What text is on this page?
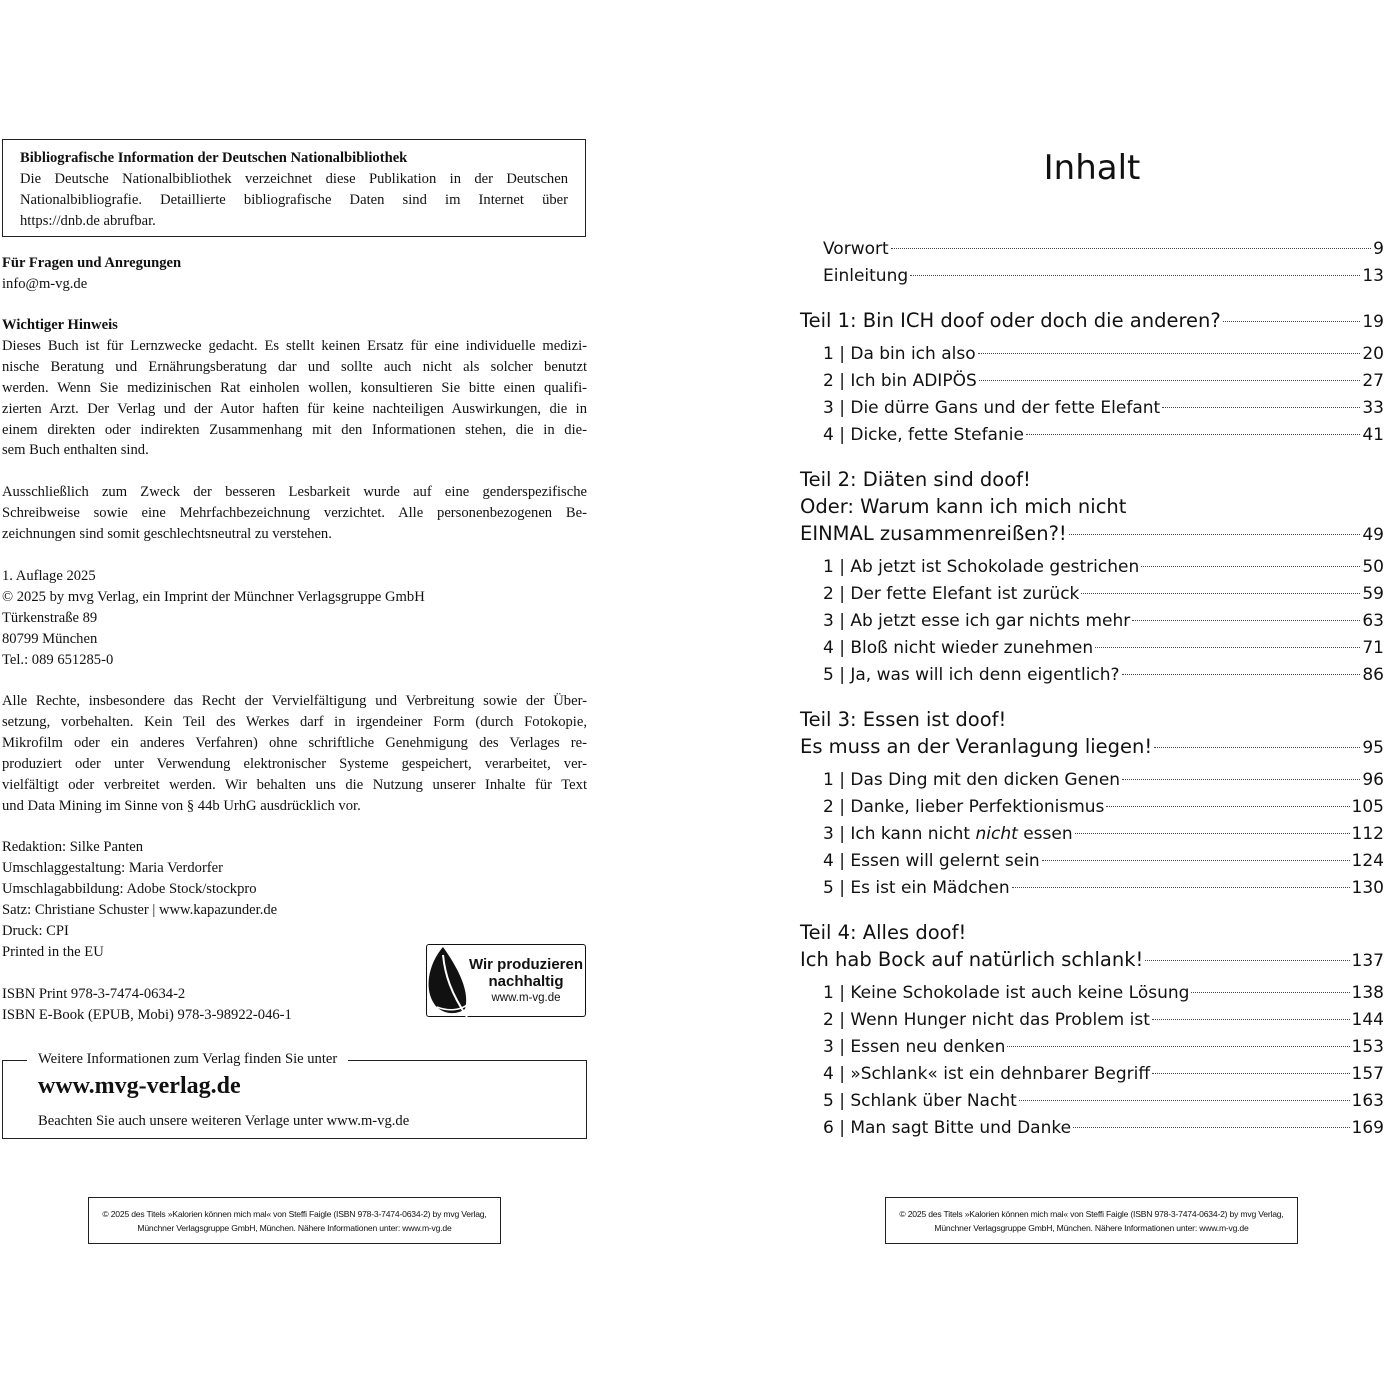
Bibliografische Information der Deutschen Nationalbibliothek
Die Deutsche Nationalbibliothek verzeichnet diese Publikation in der Deutschen
Nationalbibliografie. Detaillierte bibliografische Daten sind im Internet über
https://dnb.de abrufbar.
Für Fragen und Anregungen
info@m-vg.de
Wichtiger Hinweis
Dieses Buch ist für Lernzwecke gedacht. Es stellt keinen Ersatz für eine individuelle medizi-
nische Beratung und Ernährungsberatung dar und sollte auch nicht als solcher benutzt
werden. Wenn Sie medizinischen Rat einholen wollen, konsultieren Sie bitte einen qualifi-
zierten Arzt. Der Verlag und der Autor haften für keine nachteiligen Auswirkungen, die in
einem direkten oder indirekten Zusammenhang mit den Informationen stehen, die in die-
sem Buch enthalten sind.
Ausschließlich zum Zweck der besseren Lesbarkeit wurde auf eine genderspezifische
Schreibweise sowie eine Mehrfachbezeichnung verzichtet. Alle personenbezogenen Be-
zeichnungen sind somit geschlechtsneutral zu verstehen.
1. Auflage 2025
© 2025 by mvg Verlag, ein Imprint der Münchner Verlagsgruppe GmbH
Türkenstraße 89
80799 München
Tel.: 089 651285-0
Alle Rechte, insbesondere das Recht der Vervielfältigung und Verbreitung sowie der Über-
setzung, vorbehalten. Kein Teil des Werkes darf in irgendeiner Form (durch Fotokopie,
Mikrofilm oder ein anderes Verfahren) ohne schriftliche Genehmigung des Verlages re-
produziert oder unter Verwendung elektronischer Systeme gespeichert, verarbeitet, ver-
vielfältigt oder verbreitet werden. Wir behalten uns die Nutzung unserer Inhalte für Text
und Data Mining im Sinne von § 44b UrhG ausdrücklich vor.
Redaktion: Silke Panten
Umschlaggestaltung: Maria Verdorfer
Umschlagabbildung: Adobe Stock/stockpro
Satz: Christiane Schuster | www.kapazunder.de
Druck: CPI
Printed in the EU
ISBN Print 978-3-7474-0634-2
ISBN E-Book (EPUB, Mobi) 978-3-98922-046-1
Wir produzieren
nachhaltig
www.m-vg.de
Weitere Informationen zum Verlag finden Sie unter
www.mvg-verlag.de
Beachten Sie auch unsere weiteren Verlage unter www.m-vg.de
Inhalt
Vorwort	9
Einleitung	13
Teil 1: Bin ICH doof oder doch die anderen?	19
1 | Da bin ich also	20
2 | Ich bin ADIPÖS	27
3 | Die dürre Gans und der fette Elefant	33
4 | Dicke, fette Stefanie	41
Teil 2: Diäten sind doof!
Oder: Warum kann ich mich nicht
EINMAL zusammenreißen?!	49
1 | Ab jetzt ist Schokolade gestrichen	50
2 | Der fette Elefant ist zurück	59
3 | Ab jetzt esse ich gar nichts mehr	63
4 | Bloß nicht wieder zunehmen	71
5 | Ja, was will ich denn eigentlich?	86
Teil 3: Essen ist doof!
Es muss an der Veranlagung liegen!	95
1 | Das Ding mit den dicken Genen	96
2 | Danke, lieber Perfektionismus	105
3 | Ich kann nicht nicht essen	112
4 | Essen will gelernt sein	124
5 | Es ist ein Mädchen	130
Teil 4: Alles doof!
Ich hab Bock auf natürlich schlank!	137
1 | Keine Schokolade ist auch keine Lösung	138
2 | Wenn Hunger nicht das Problem ist	144
3 | Essen neu denken	153
4 | »Schlank« ist ein dehnbarer Begriff	157
5 | Schlank über Nacht	163
6 | Man sagt Bitte und Danke	169
© 2025 des Titels »Kalorien können mich mal« von Steffi Faigle (ISBN 978-3-7474-0634-2) by mvg Verlag,
Münchner Verlagsgruppe GmbH, München. Nähere Informationen unter: www.m-vg.de
© 2025 des Titels »Kalorien können mich mal« von Steffi Faigle (ISBN 978-3-7474-0634-2) by mvg Verlag,
Münchner Verlagsgruppe GmbH, München. Nähere Informationen unter: www.m-vg.de
